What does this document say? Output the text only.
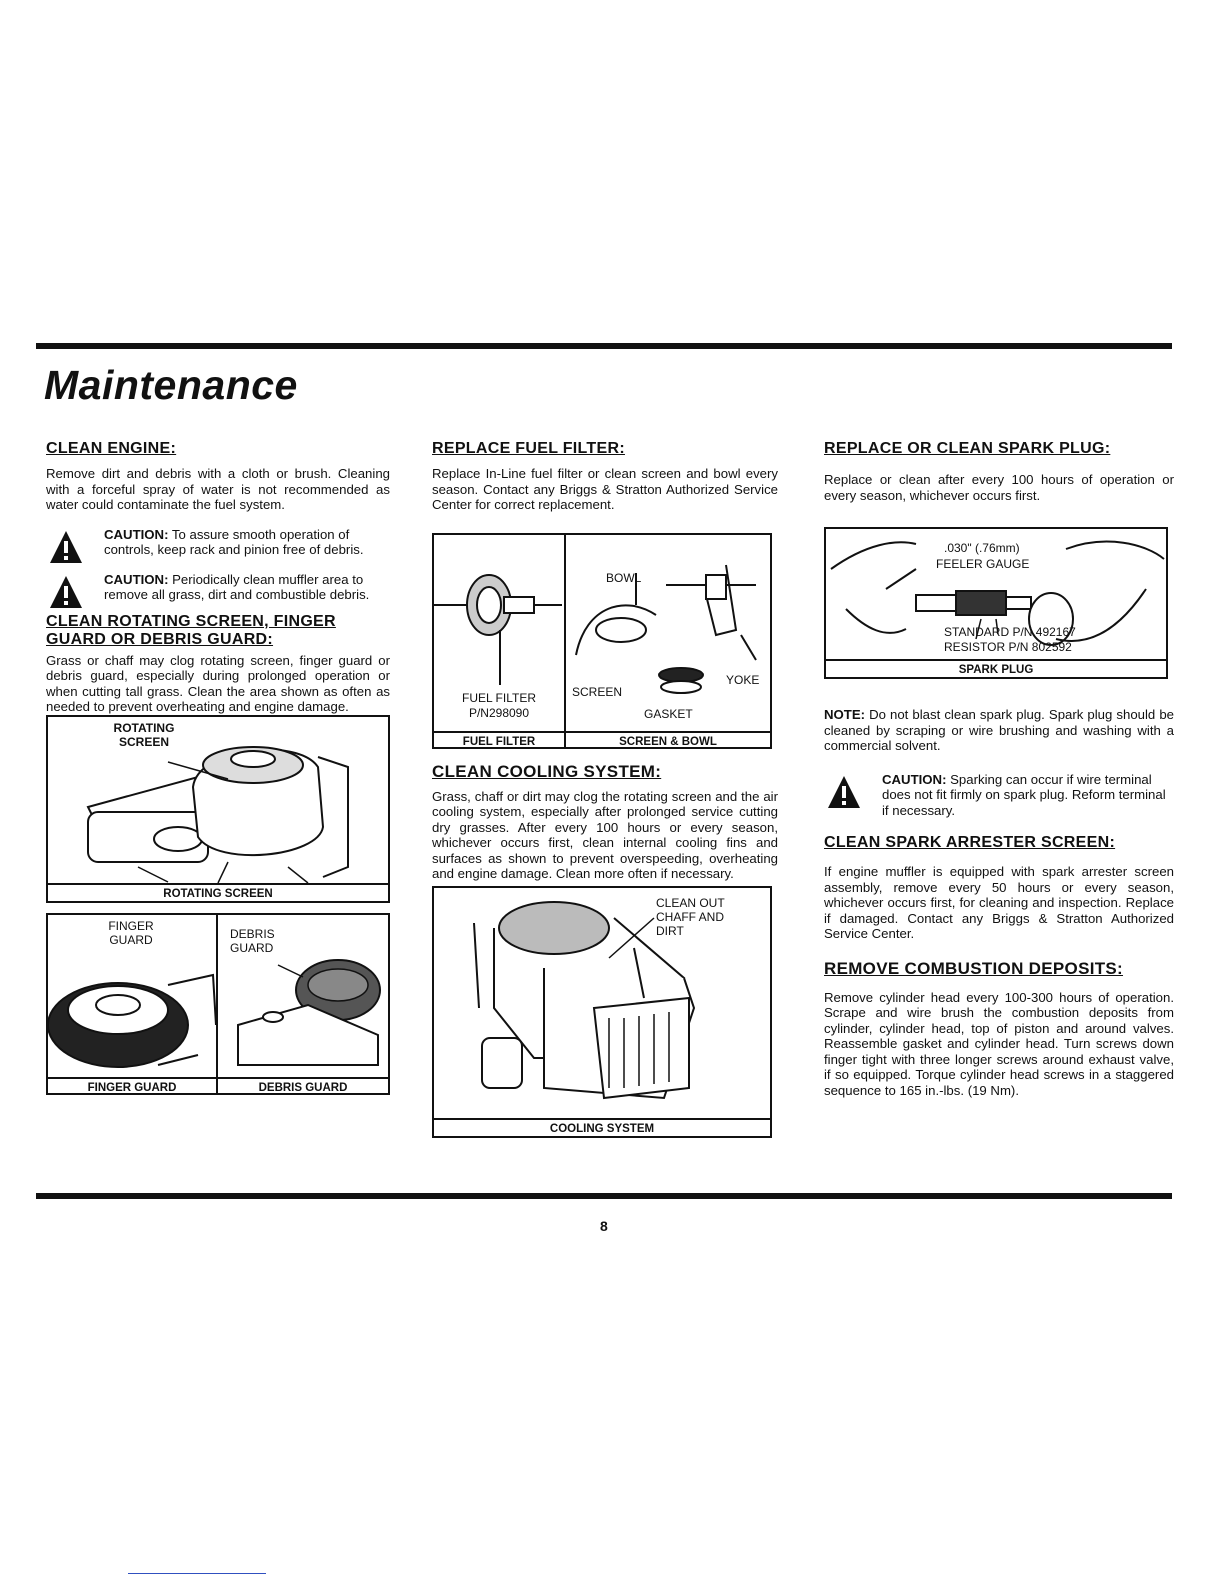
Maintenance
CLEAN ENGINE:

Remove dirt and debris with a cloth or brush. Cleaning with a forceful spray of water is not recommended as water could contaminate the fuel system.

CAUTION: To assure smooth operation of controls, keep rack and pinion free of debris.
CAUTION: Periodically clean muffler area to remove all grass, dirt and combustible debris.
CLEAN ROTATING SCREEN, FINGER GUARD OR DEBRIS GUARD:

Grass or chaff may clog rotating screen, finger guard or debris guard, especially during prolonged operation or when cutting tall grass. Clean the area shown as often as needed to prevent overheating and engine damage.

ROTATING SCREEN
ROTATING SCREEN
FINGER GUARD	DEBRIS GUARD
FINGER GUARD	DEBRIS GUARD
REPLACE FUEL FILTER:

Replace In-Line fuel filter or clean screen and bowl every season. Contact any Briggs & Stratton Authorized Service Center for correct replacement.

FUEL FILTER
P/N298090
BOWL
YOKE
SCREEN
GASKET
FUEL FILTER	SCREEN & BOWL
CLEAN COOLING SYSTEM:

Grass, chaff or dirt may clog the rotating screen and the air cooling system, especially after prolonged service cutting dry grasses. After every 100 hours or every season, whichever occurs first, clean internal cooling fins and surfaces as shown to prevent overspeeding, overheating and engine damage. Clean more often if necessary.

CLEAN OUT CHAFF AND DIRT
COOLING SYSTEM
REPLACE OR CLEAN SPARK PLUG:

Replace or clean after every 100 hours of operation or every season, whichever occurs first.

.030" (.76mm)
FEELER GAUGE
STANDARD P/N 492167
RESISTOR P/N 802592
SPARK PLUG

NOTE: Do not blast clean spark plug. Spark plug should be cleaned by scraping or wire brushing and washing with a commercial solvent.

CAUTION: Sparking can occur if wire terminal does not fit firmly on spark plug. Reform terminal if necessary.
CLEAN SPARK ARRESTER SCREEN:

If engine muffler is equipped with spark arrester screen assembly, remove every 50 hours or every season, whichever occurs first, for cleaning and inspection. Replace if damaged. Contact any Briggs & Stratton Authorized Service Center.

REMOVE COMBUSTION DEPOSITS:

Remove cylinder head every 100-300 hours of operation. Scrape and wire brush the combustion deposits from cylinder, cylinder head, top of piston and around valves. Reassemble gasket and cylinder head. Turn screws down finger tight with three longer screws around exhaust valve, if so equipped. Torque cylinder head screws in a staggered sequence to 165 in.-lbs. (19 Nm).

8
